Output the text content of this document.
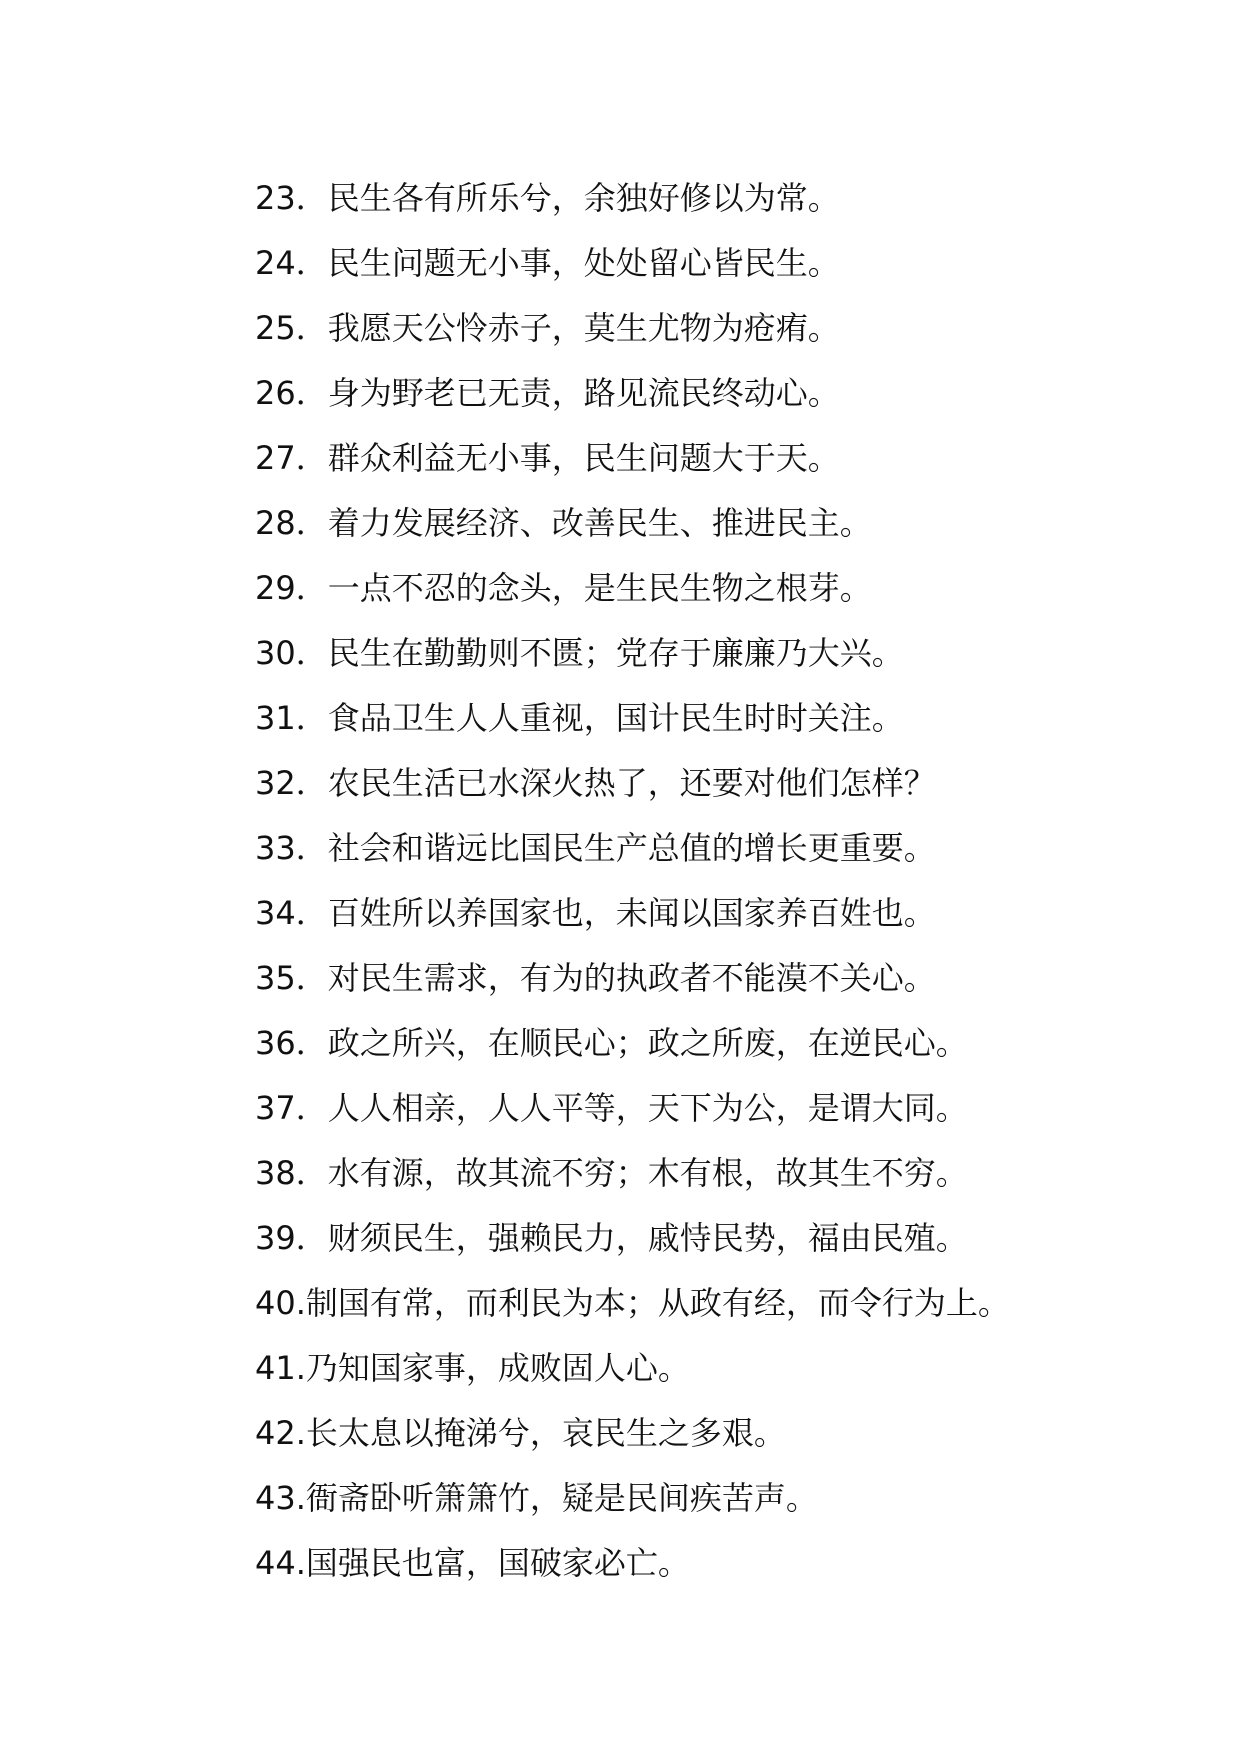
23．民生各有所乐兮，余独好修以为常。
24．民生问题无小事，处处留心皆民生。
25．我愿天公怜赤子，莫生尤物为疮痏。
26．身为野老已无责，路见流民终动心。
27．群众利益无小事，民生问题大于天。
28．着力发展经济、改善民生、推进民主。
29．一点不忍的念头，是生民生物之根芽。
30．民生在勤勤则不匮；党存于廉廉乃大兴。
31．食品卫生人人重视，国计民生时时关注。
32．农民生活已水深火热了，还要对他们怎样？
33．社会和谐远比国民生产总值的增长更重要。
34．百姓所以养国家也，未闻以国家养百姓也。
35．对民生需求，有为的执政者不能漠不关心。
36．政之所兴，在顺民心；政之所废，在逆民心。
37．人人相亲，人人平等，天下为公，是谓大同。
38．水有源，故其流不穷；木有根，故其生不穷。
39．财须民生，强赖民力，戚恃民势，福由民殖。
40.制国有常，而利民为本；从政有经，而令行为上。
41.乃知国家事，成败固人心。
42.长太息以掩涕兮，哀民生之多艰。
43.衙斋卧听箫箫竹，疑是民间疾苦声。
44.国强民也富，国破家必亡。
